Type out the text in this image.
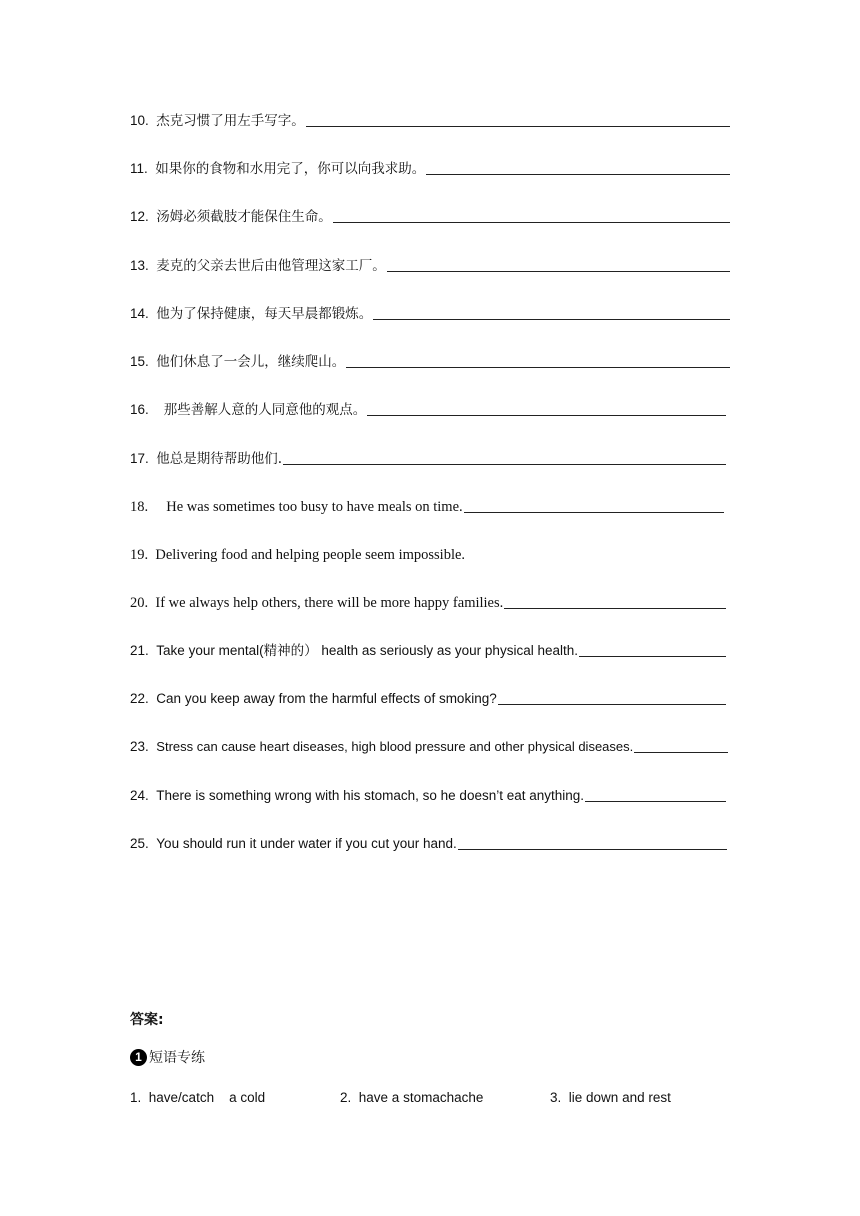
10.
杰克习惯了用左手写字。
11.
如果你的食物和水用完了，你可以向我求助。
12.
汤姆必须截肢才能保住生命。
13.
麦克的父亲去世后由他管理这家工厂。
14.
他为了保持健康，每天早晨都锻炼。
15.
他们休息了一会儿，继续爬山。
16.
那些善解人意的人同意他的观点。
17.
他总是期待帮助他们.
18.
He was sometimes too busy to have meals on time.
19.
Delivering food and helping people seem impossible.
20.
If we always help others, there will be more happy families.
21.
Take your mental(精神的） health as seriously as your physical health.
22.
Can you keep away from the harmful effects of smoking?
23.
Stress can cause heart diseases, high blood pressure and other physical diseases.
24.
There is something wrong with his stomach, so he doesn’t eat anything.
25.
You should run it under water if you cut your hand.
答案:
1 短语专练
1. have/catch    a cold	2. have a stomachache	3. lie down and rest
